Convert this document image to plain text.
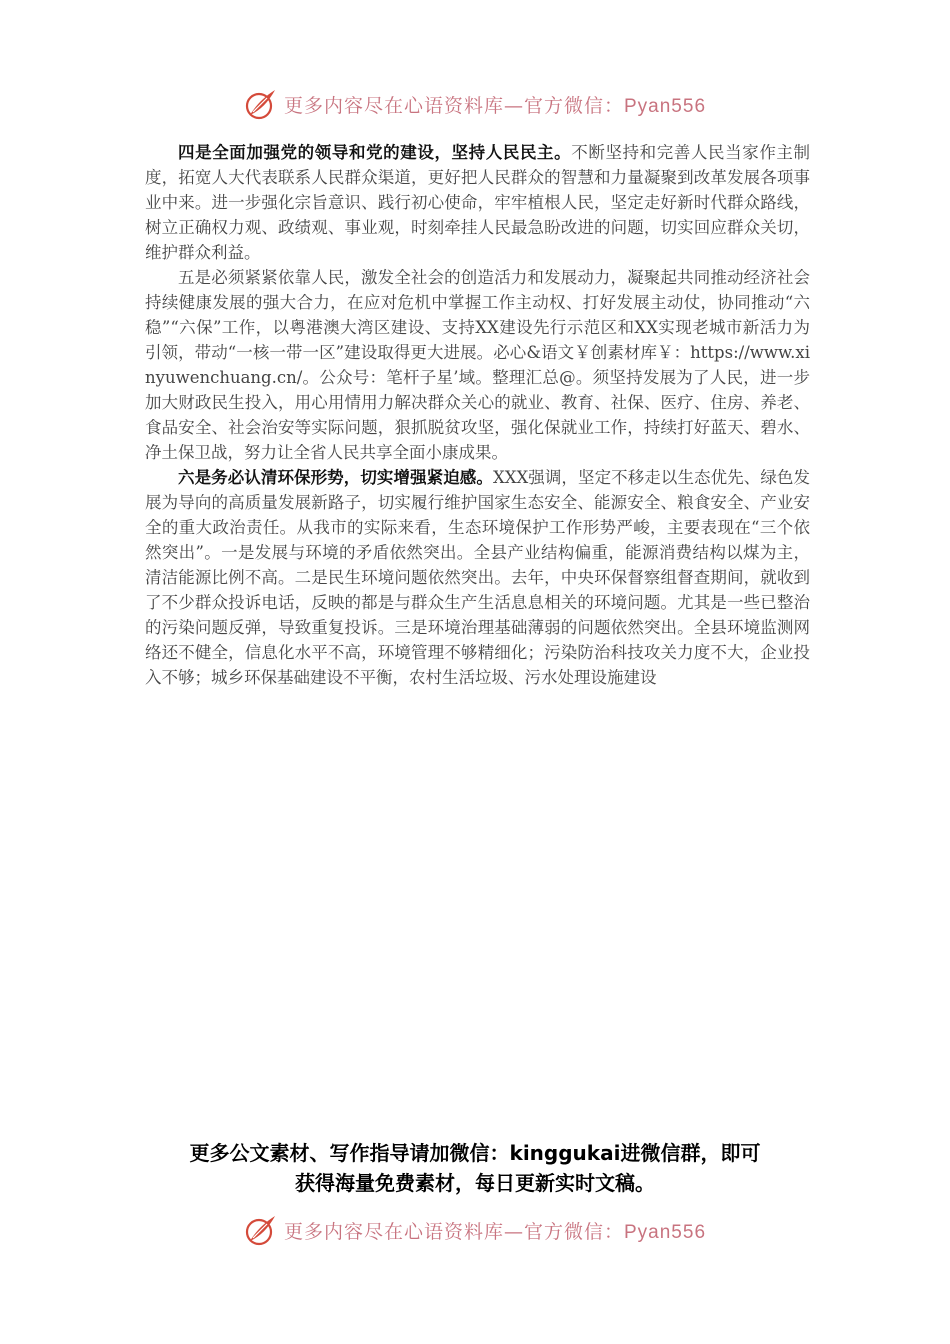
更多内容尽在心语资料库—官方微信：Pyan556

四是全面加强党的领导和党的建设，坚持人民民主。不断坚持和完善人民当家作主制度，拓宽人大代表联系人民群众渠道，更好把人民群众的智慧和力量凝聚到改革发展各项事业中来。进一步强化宗旨意识、践行初心使命，牢牢植根人民，坚定走好新时代群众路线，树立正确权力观、政绩观、事业观，时刻牵挂人民最急盼改进的问题，切实回应群众关切，维护群众利益。

五是必须紧紧依靠人民，激发全社会的创造活力和发展动力，凝聚起共同推动经济社会持续健康发展的强大合力，在应对危机中掌握工作主动权、打好发展主动仗，协同推动“六稳”“六保”工作，以粤港澳大湾区建设、支持XX建设先行示范区和XX实现老城市新活力为引领，带动“一核一带一区”建设取得更大进展。必心&语文￥创素材库￥：https://www.xinyuwenchuang.cn/。公众号：笔杆子星’域。整理汇总@。须坚持发展为了人民，进一步加大财政民生投入，用心用情用力解决群众关心的就业、教育、社保、医疗、住房、养老、食品安全、社会治安等实际问题，狠抓脱贫攻坚，强化保就业工作，持续打好蓝天、碧水、净土保卫战，努力让全省人民共享全面小康成果。

六是务必认清环保形势，切实增强紧迫感。XXX强调，坚定不移走以生态优先、绿色发展为导向的高质量发展新路子，切实履行维护国家生态安全、能源安全、粮食安全、产业安全的重大政治责任。从我市的实际来看，生态环境保护工作形势严峻，主要表现在“三个依然突出”。一是发展与环境的矛盾依然突出。全县产业结构偏重，能源消费结构以煤为主，清洁能源比例不高。二是民生环境问题依然突出。去年，中央环保督察组督查期间，就收到了不少群众投诉电话，反映的都是与群众生产生活息息相关的环境问题。尤其是一些已整治的污染问题反弹，导致重复投诉。三是环境治理基础薄弱的问题依然突出。全县环境监测网络还不健全，信息化水平不高，环境管理不够精细化；污染防治科技攻关力度不大，企业投入不够；城乡环保基础建设不平衡，农村生活垃圾、污水处理设施建设

更多公文素材、写作指导请加微信：kinggukai进微信群，即可
获得海量免费素材，每日更新实时文稿。
更多内容尽在心语资料库—官方微信：Pyan556
